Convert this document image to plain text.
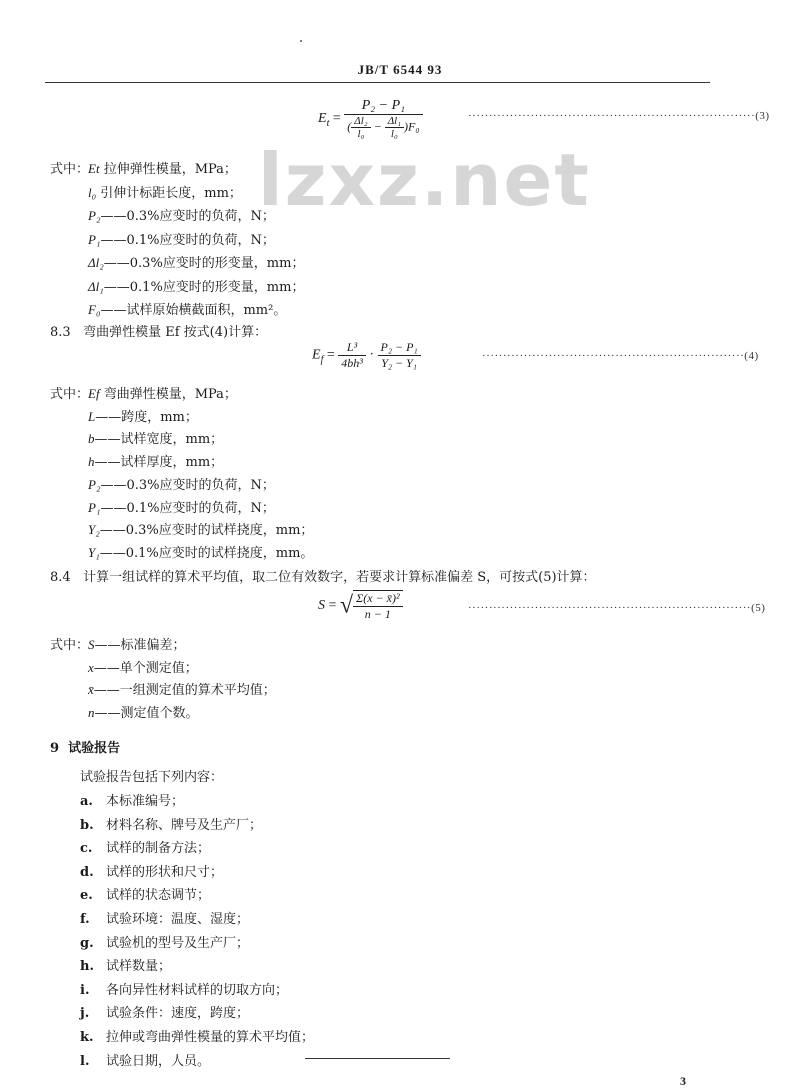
JB/T 6544 93
lzxz.net
$E_t = \frac{\text{P₂ − P₁}}{( \frac{\text{Δl₂}}{\text{l₀}} - \frac{\text{Δl₁}}{\text{l₀}} )F_0}$	·····································································(3)
式中：
Et 拉伸弹性模量，MPa；
l₀ 引伸计标距长度，mm；
P₂——0.3%应变时的负荷，N；
P₁——0.1%应变时的负荷，N；
Δl₂——0.3%应变时的形变量，mm；
Δl₁——0.1%应变时的形变量，mm；
F₀——试样原始横截面积，mm²。
8.3 弯曲弹性模量 Ef 按式(4)计算：
$E_f = \frac{\text{L³}}{\text{4bh³}} \cdot \frac{\text{P₂ − P₁}}{\text{Y₂ − Y₁}}$	·······························································(4)
式中：
Ef 弯曲弹性模量，MPa；
L——跨度，mm；
b——试样宽度，mm；
h——试样厚度，mm；
P₂——0.3%应变时的负荷，N；
P₁——0.1%应变时的负荷，N；
Y₂——0.3%应变时的试样挠度，mm；
Y₁——0.1%应变时的试样挠度，mm。
8.4 计算一组试样的算术平均值，取二位有效数字，若要求计算标准偏差 S，可按式(5)计算：
S = √ $\frac{\text{Σ(x − x̄)²}}{n - 1}$	····································································(5)
式中：
S——标准偏差；
x——单个测定值；
x̄——一组测定值的算术平均值；
n——测定值个数。
9 试验报告
试验报告包括下列内容：
a. 本标准编号；
b. 材料名称、牌号及生产厂；
c. 试样的制备方法；
d. 试样的形状和尺寸；
e. 试样的状态调节；
f. 试验环境：温度、湿度；
g. 试验机的型号及生产厂；
h. 试样数量；
i. 各向异性材料试样的切取方向；
j. 试验条件：速度，跨度；
k. 拉伸或弯曲弹性模量的算术平均值；
l. 试验日期，人员。
3
